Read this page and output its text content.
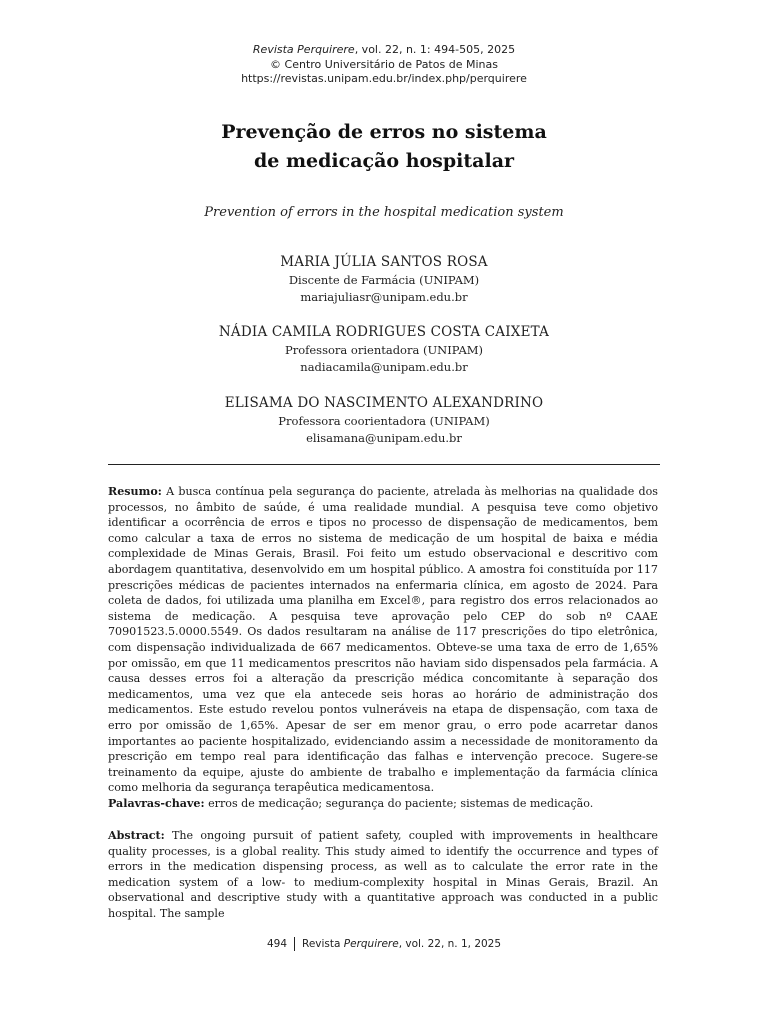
Revista Perquirere, vol. 22, n. 1: 494-505, 2025
© Centro Universitário de Patos de Minas
https://revistas.unipam.edu.br/index.php/perquirere
Prevenção de erros no sistema
de medicação hospitalar
Prevention of errors in the hospital medication system
MARIA JÚLIA SANTOS ROSA
Discente de Farmácia (UNIPAM)
mariajuliasr@unipam.edu.br
NÁDIA CAMILA RODRIGUES COSTA CAIXETA
Professora orientadora (UNIPAM)
nadiacamila@unipam.edu.br
ELISAMA DO NASCIMENTO ALEXANDRINO
Professora coorientadora (UNIPAM)
elisamana@unipam.edu.br
Resumo: A busca contínua pela segurança do paciente, atrelada às melhorias na qualidade dos processos, no âmbito de saúde, é uma realidade mundial. A pesquisa teve como objetivo identificar a ocorrência de erros e tipos no processo de dispensação de medicamentos, bem como calcular a taxa de erros no sistema de medicação de um hospital de baixa e média complexidade de Minas Gerais, Brasil. Foi feito um estudo observacional e descritivo com abordagem quantitativa, desenvolvido em um hospital público. A amostra foi constituída por 117 prescrições médicas de pacientes internados na enfermaria clínica, em agosto de 2024. Para coleta de dados, foi utilizada uma planilha em Excel®, para registro dos erros relacionados ao sistema de medicação. A pesquisa teve aprovação pelo CEP do sob nº CAAE 70901523.5.0000.5549. Os dados resultaram na análise de 117 prescrições do tipo eletrônica, com dispensação individualizada de 667 medicamentos. Obteve-se uma taxa de erro de 1,65% por omissão, em que 11 medicamentos prescritos não haviam sido dispensados pela farmácia. A causa desses erros foi a alteração da prescrição médica concomitante à separação dos medicamentos, uma vez que ela antecede seis horas ao horário de administração dos medicamentos. Este estudo revelou pontos vulneráveis na etapa de dispensação, com taxa de erro por omissão de 1,65%. Apesar de ser em menor grau, o erro pode acarretar danos importantes ao paciente hospitalizado, evidenciando assim a necessidade de monitoramento da prescrição em tempo real para identificação das falhas e intervenção precoce. Sugere-se treinamento da equipe, ajuste do ambiente de trabalho e implementação da farmácia clínica como melhoria da segurança terapêutica medicamentosa.
Palavras-chave: erros de medicação; segurança do paciente; sistemas de medicação.
Abstract: The ongoing pursuit of patient safety, coupled with improvements in healthcare quality processes, is a global reality. This study aimed to identify the occurrence and types of errors in the medication dispensing process, as well as to calculate the error rate in the medication system of a low- to medium-complexity hospital in Minas Gerais, Brazil. An observational and descriptive study with a quantitative approach was conducted in a public hospital. The sample
494 Revista Perquirere, vol. 22, n. 1, 2025
